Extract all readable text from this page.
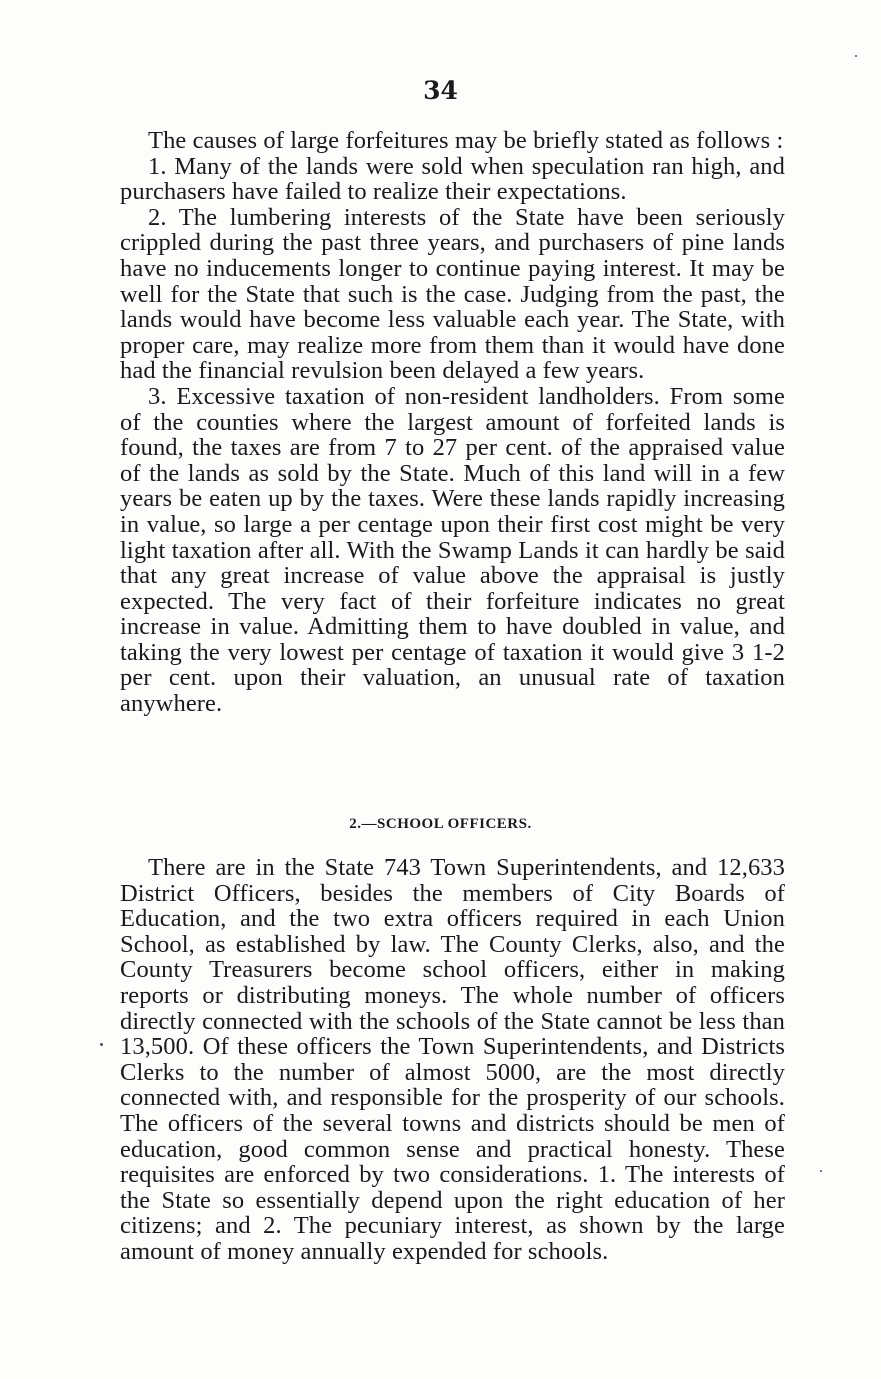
34

The causes of large forfeitures may be briefly stated as follows :

1. Many of the lands were sold when speculation ran high, and purchasers have failed to realize their expectations.

2. The lumbering interests of the State have been seriously crippled during the past three years, and purchasers of pine lands have no inducements longer to continue paying interest. It may be well for the State that such is the case. Judging from the past, the lands would have become less valuable each year. The State, with proper care, may realize more from them than it would have done had the financial revulsion been delayed a few years.

3. Excessive taxation of non-resident landholders. From some of the counties where the largest amount of forfeited lands is found, the taxes are from 7 to 27 per cent. of the appraised value of the lands as sold by the State. Much of this land will in a few years be eaten up by the taxes. Were these lands rapidly increasing in value, so large a per centage upon their first cost might be very light taxation after all. With the Swamp Lands it can hardly be said that any great increase of value above the appraisal is justly expected. The very fact of their forfeiture indicates no great increase in value. Admitting them to have doubled in value, and taking the very lowest per centage of taxation it would give 3 1-2 per cent. upon their valuation, an unusual rate of taxation anywhere.

2.—SCHOOL OFFICERS.

There are in the State 743 Town Superintendents, and 12,633 District Officers, besides the members of City Boards of Education, and the two extra officers required in each Union School, as established by law. The County Clerks, also, and the County Treasurers become school officers, either in making reports or distributing moneys. The whole number of officers directly connected with the schools of the State cannot be less than 13,500. Of these officers the Town Superintendents, and Districts Clerks to the number of almost 5000, are the most directly connected with, and responsible for the prosperity of our schools. The officers of the several towns and districts should be men of education, good common sense and practical honesty. These requisites are enforced by two considerations. 1. The interests of the State so essentially depend upon the right education of her citizens; and 2. The pecuniary interest, as shown by the large amount of money annually expended for schools.
